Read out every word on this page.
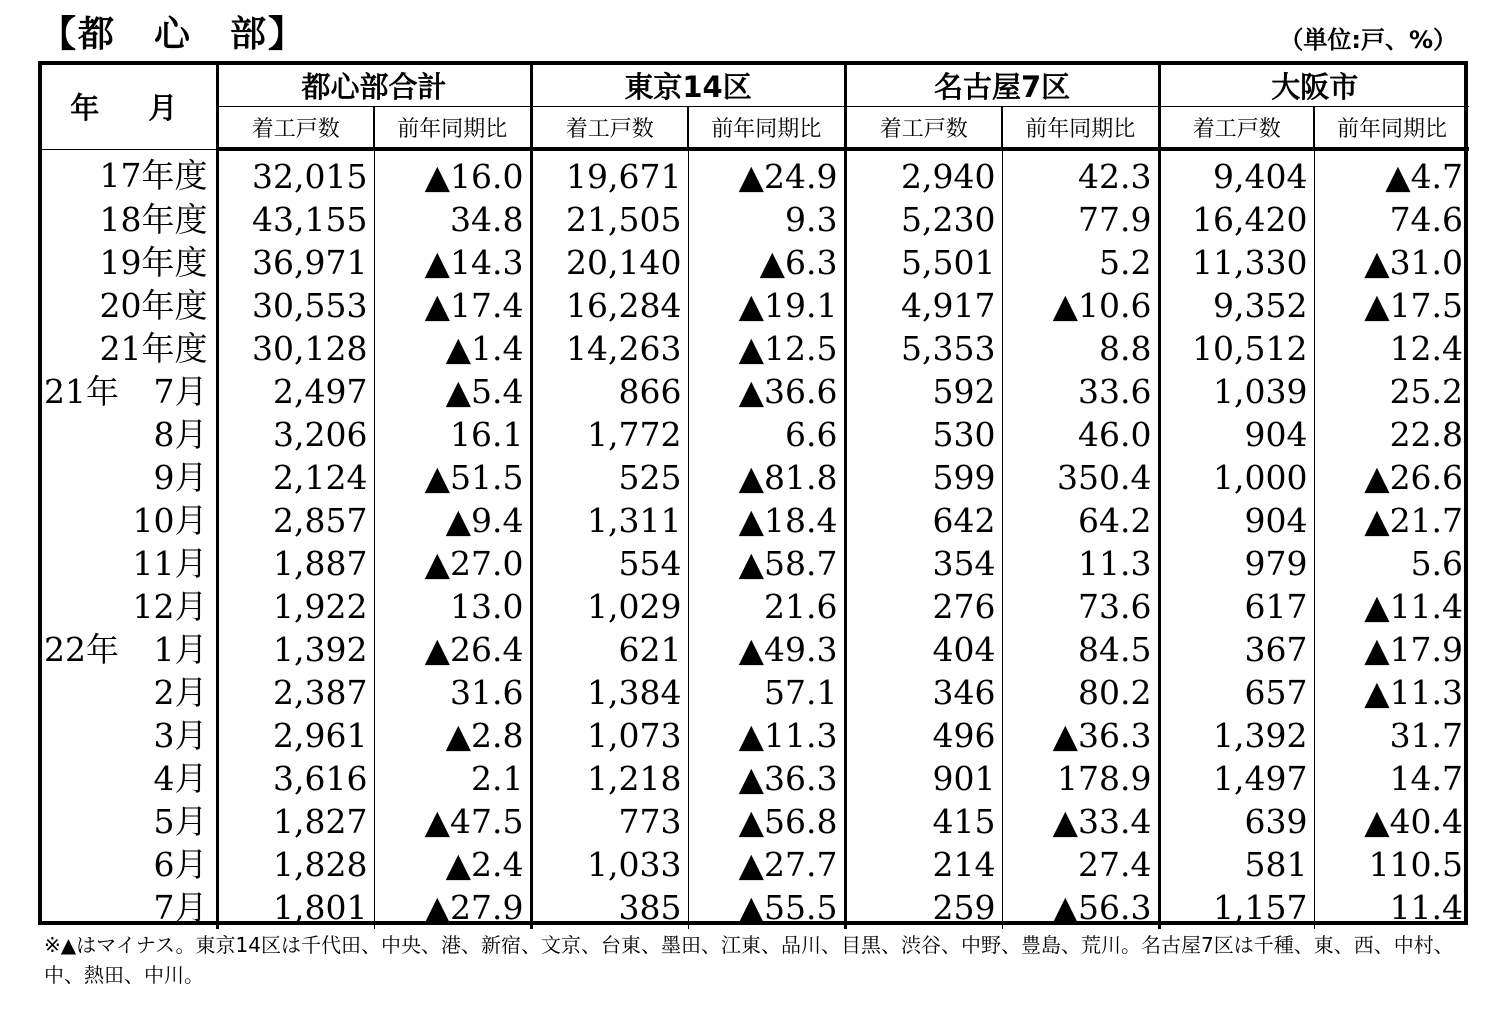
【都　心　部】	（単位:戸、%）
年　月	都心部合計		東京14区		名古屋7区		大阪市	
	着工戸数	前年同期比	着工戸数	前年同期比	着工戸数	前年同期比	着工戸数	前年同期比

17年度	32,015	▲16.0	19,671	▲24.9	2,940	42.3	9,404	▲4.7

18年度	43,155	34.8	21,505	9.3	5,230	77.9	16,420	74.6

19年度	36,971	▲14.3	20,140	▲6.3	5,501	5.2	11,330	▲31.0

20年度	30,553	▲17.4	16,284	▲19.1	4,917	▲10.6	9,352	▲17.5

21年度	30,128	▲1.4	14,263	▲12.5	5,353	8.8	10,512	12.4

21年 7月	2,497	▲5.4	866	▲36.6	592	33.6	1,039	25.2

8月	3,206	16.1	1,772	6.6	530	46.0	904	22.8

9月	2,124	▲51.5	525	▲81.8	599	350.4	1,000	▲26.6

10月	2,857	▲9.4	1,311	▲18.4	642	64.2	904	▲21.7

11月	1,887	▲27.0	554	▲58.7	354	11.3	979	5.6

12月	1,922	13.0	1,029	21.6	276	73.6	617	▲11.4

22年 1月	1,392	▲26.4	621	▲49.3	404	84.5	367	▲17.9

2月	2,387	31.6	1,384	57.1	346	80.2	657	▲11.3

3月	2,961	▲2.8	1,073	▲11.3	496	▲36.3	1,392	31.7

4月	3,616	2.1	1,218	▲36.3	901	178.9	1,497	14.7

5月	1,827	▲47.5	773	▲56.8	415	▲33.4	639	▲40.4

6月	1,828	▲2.4	1,033	▲27.7	214	27.4	581	110.5

7月	1,801	▲27.9	385	▲55.5	259	▲56.3	1,157	11.4
※▲はマイナス。東京14区は千代田、中央、港、新宿、文京、台東、墨田、江東、品川、目黒、渋谷、中野、豊島、荒川。名古屋7区は千種、東、西、中村、中、熱田、中川。
